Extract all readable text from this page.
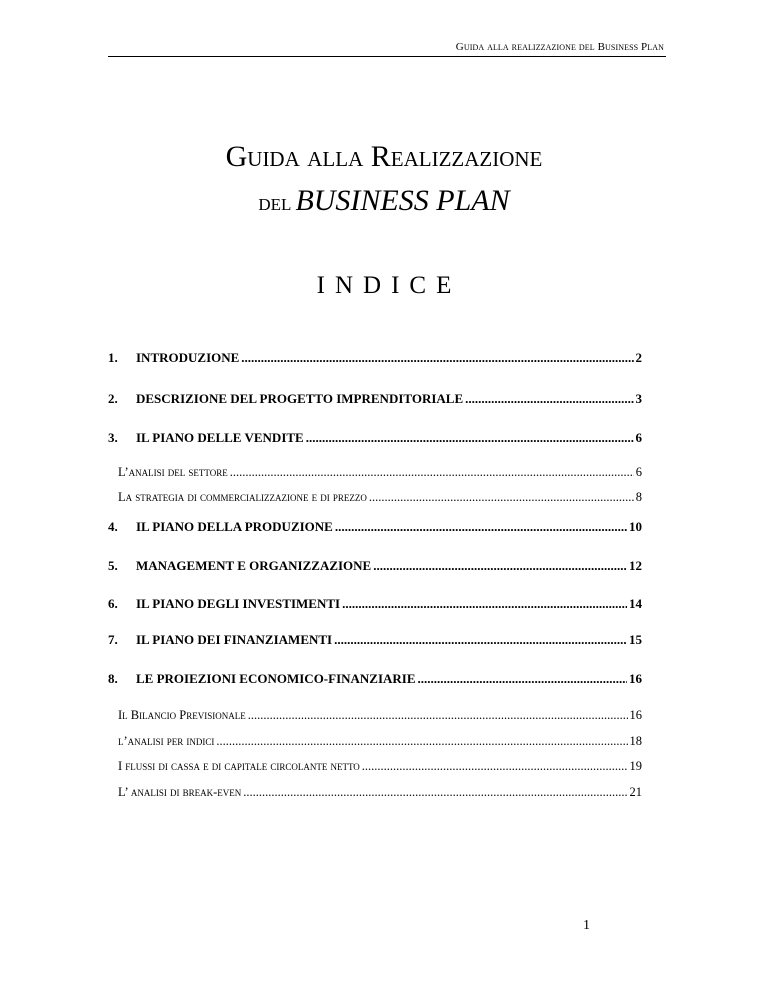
Guida alla realizzazione del Business Plan
Guida alla Realizzazione
del BUSINESS PLAN
INDICE
1.	INTRODUZIONE .....	2
2.	DESCRIZIONE DEL PROGETTO IMPRENDITORIALE .....	3
3.	IL PIANO DELLE VENDITE .....	6
L’analisi del settore .....	6
La strategia di commercializzazione e di prezzo .....	8
4.	IL PIANO DELLA PRODUZIONE .....	10
5.	MANAGEMENT E ORGANIZZAZIONE .....	12
6.	IL PIANO DEGLI INVESTIMENTI .....	14
7.	IL PIANO DEI FINANZIAMENTI .....	15
8.	LE PROIEZIONI ECONOMICO-FINANZIARIE .....	16
Il Bilancio Previsionale .....	16
l’analisi per indici .....	18
I flussi di cassa e di capitale circolante netto .....	19
L’ analisi di break-even .....	21
1
